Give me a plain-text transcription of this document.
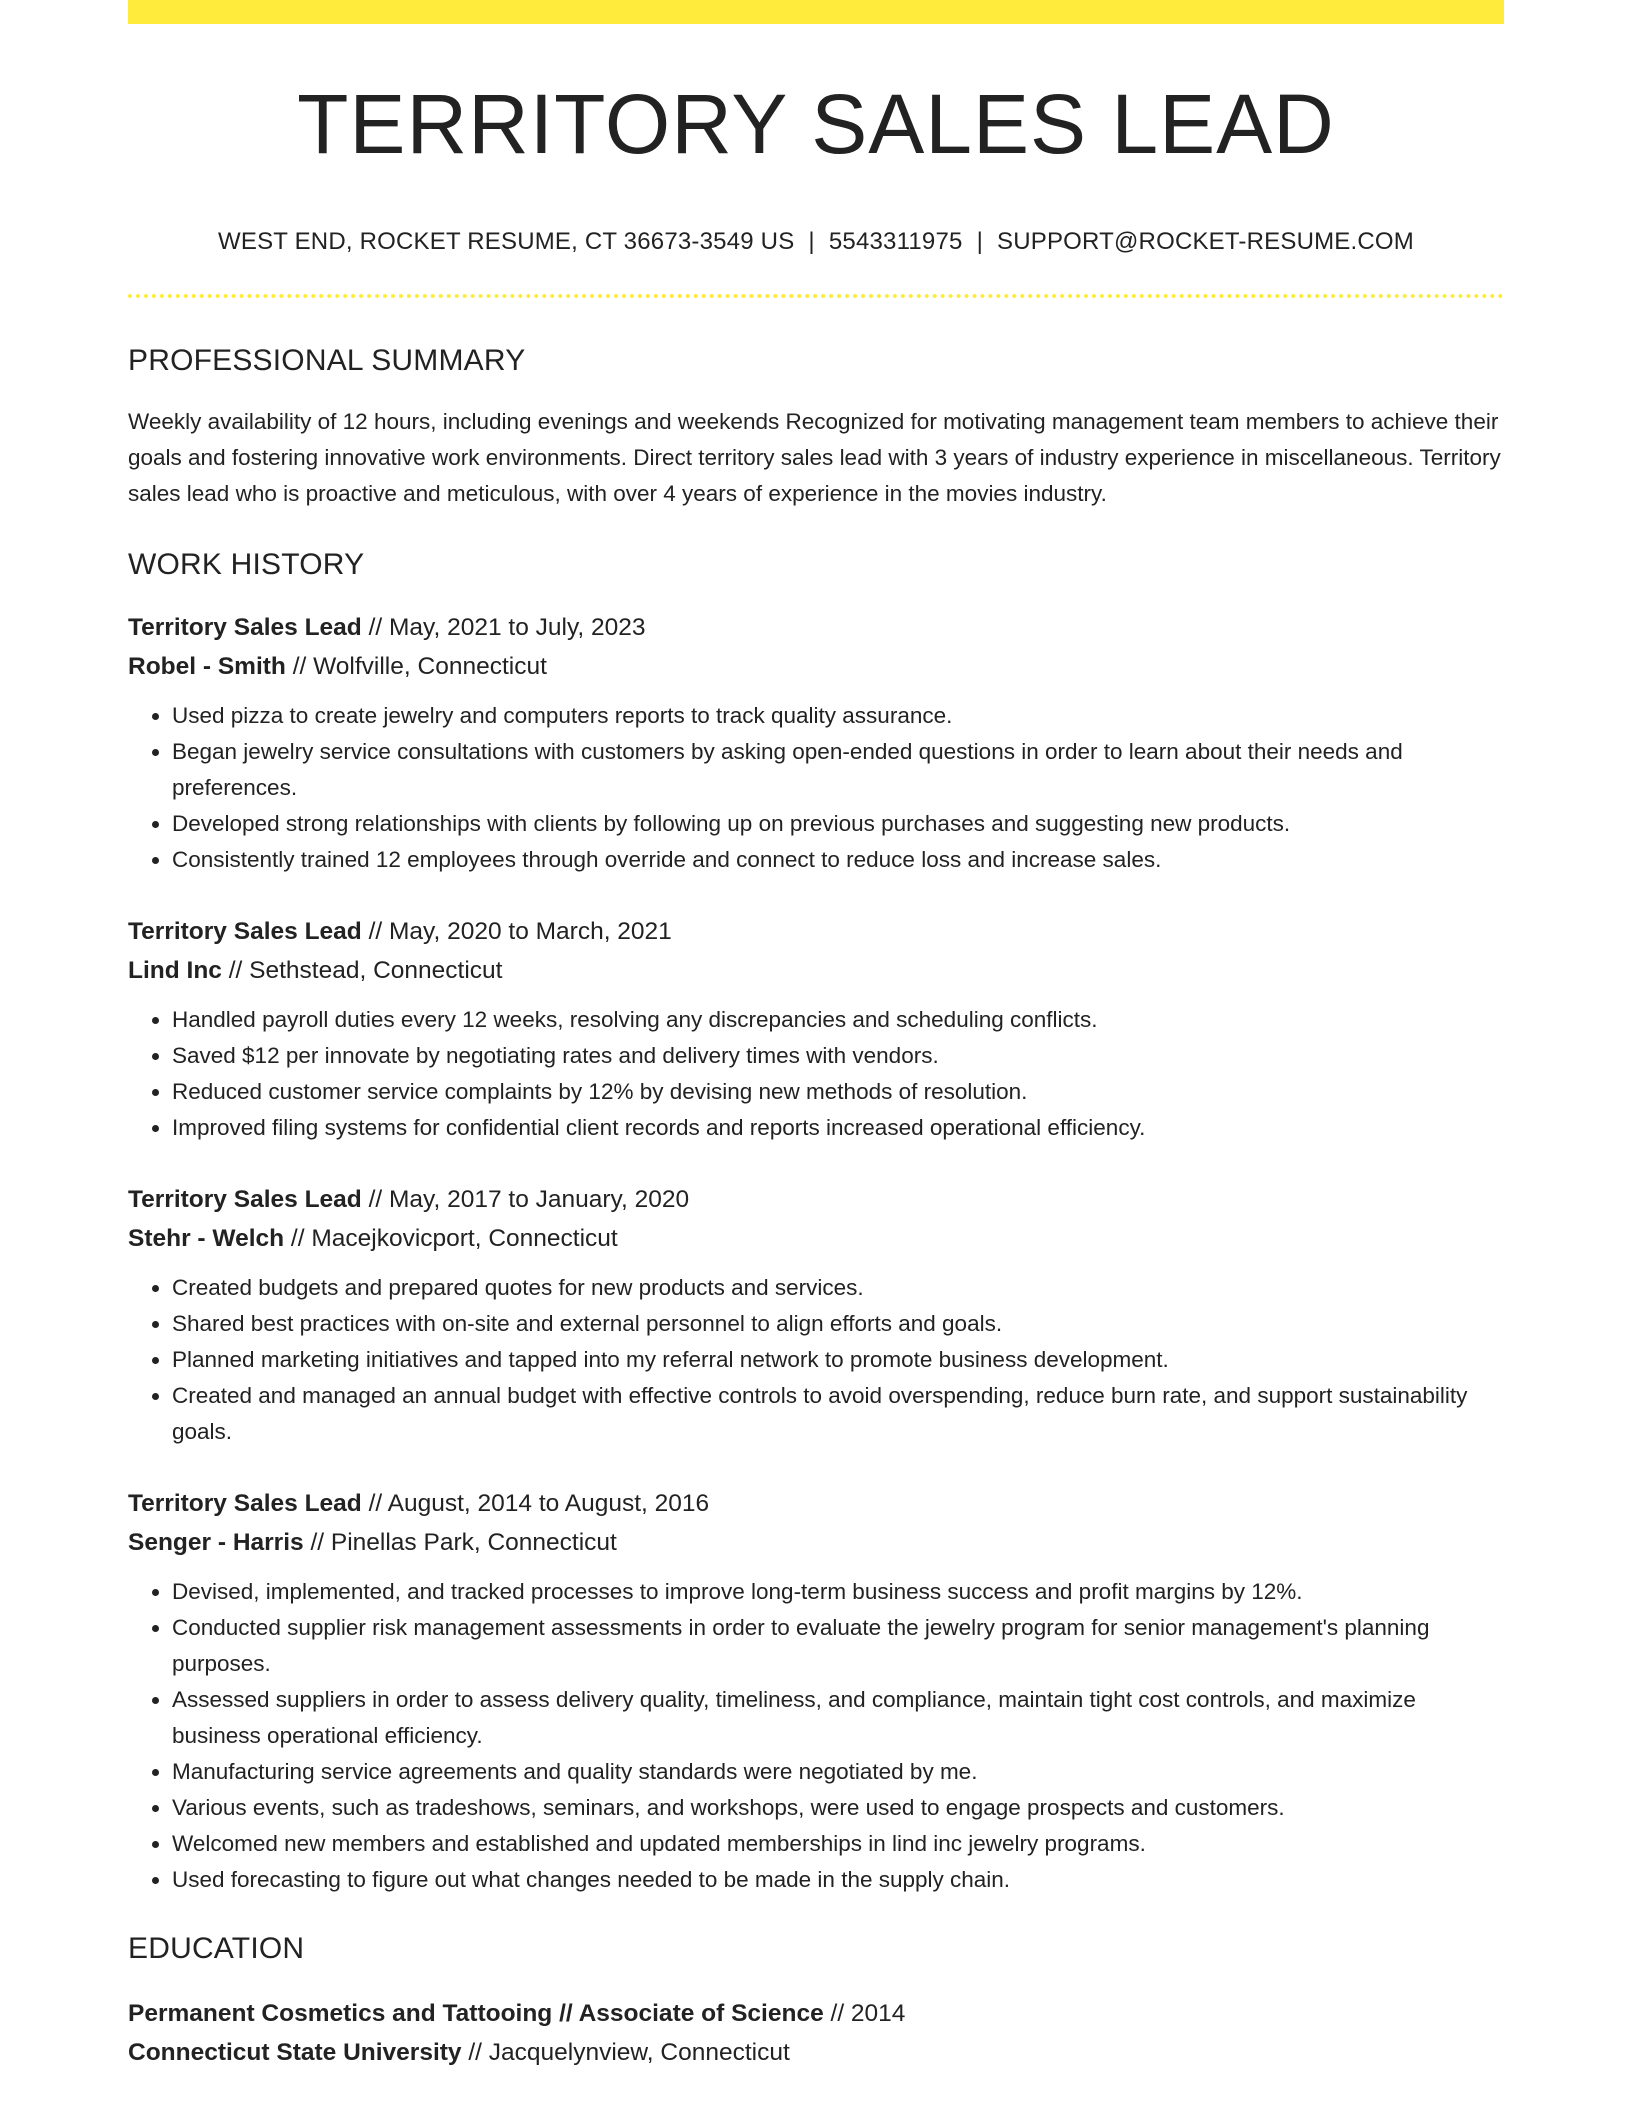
TERRITORY SALES LEAD
WEST END, ROCKET RESUME, CT 36673-3549 US | 5543311975 | SUPPORT@ROCKET-RESUME.COM
PROFESSIONAL SUMMARY

Weekly availability of 12 hours, including evenings and weekends Recognized for motivating management team members to achieve their goals and fostering innovative work environments. Direct territory sales lead with 3 years of industry experience in miscellaneous. Territory sales lead who is proactive and meticulous, with over 4 years of experience in the movies industry.

WORK HISTORY
Territory Sales Lead // May, 2021 to July, 2023
Robel - Smith // Wolfville, Connecticut
• Used pizza to create jewelry and computers reports to track quality assurance.
• Began jewelry service consultations with customers by asking open-ended questions in order to learn about their needs and preferences.
• Developed strong relationships with clients by following up on previous purchases and suggesting new products.
• Consistently trained 12 employees through override and connect to reduce loss and increase sales.
Territory Sales Lead // May, 2020 to March, 2021
Lind Inc // Sethstead, Connecticut
• Handled payroll duties every 12 weeks, resolving any discrepancies and scheduling conflicts.
• Saved $12 per innovate by negotiating rates and delivery times with vendors.
• Reduced customer service complaints by 12% by devising new methods of resolution.
• Improved filing systems for confidential client records and reports increased operational efficiency.
Territory Sales Lead // May, 2017 to January, 2020
Stehr - Welch // Macejkovicport, Connecticut
• Created budgets and prepared quotes for new products and services.
• Shared best practices with on-site and external personnel to align efforts and goals.
• Planned marketing initiatives and tapped into my referral network to promote business development.
• Created and managed an annual budget with effective controls to avoid overspending, reduce burn rate, and support sustainability goals.
Territory Sales Lead // August, 2014 to August, 2016
Senger - Harris // Pinellas Park, Connecticut
• Devised, implemented, and tracked processes to improve long-term business success and profit margins by 12%.
• Conducted supplier risk management assessments in order to evaluate the jewelry program for senior management's planning purposes.
• Assessed suppliers in order to assess delivery quality, timeliness, and compliance, maintain tight cost controls, and maximize business operational efficiency.
• Manufacturing service agreements and quality standards were negotiated by me.
• Various events, such as tradeshows, seminars, and workshops, were used to engage prospects and customers.
• Welcomed new members and established and updated memberships in lind inc jewelry programs.
• Used forecasting to figure out what changes needed to be made in the supply chain.
EDUCATION
Permanent Cosmetics and Tattooing // Associate of Science // 2014
Connecticut State University // Jacquelynview, Connecticut
